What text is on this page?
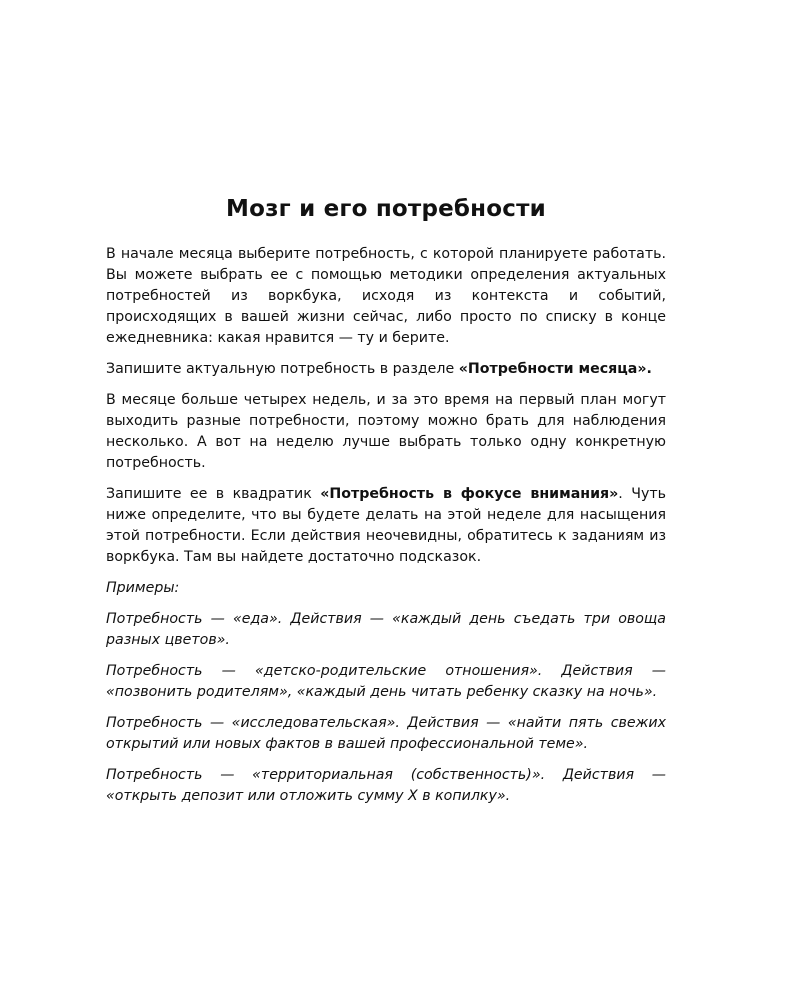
Мозг и его потребности

В начале месяца выберите потребность, с которой планируете работать. Вы можете выбрать ее с помощью методики определения актуальных потребностей из воркбука, исходя из контекста и событий, происходящих в вашей жизни сейчас, либо просто по списку в конце ежедневника: какая нравится — ту и берите.

Запишите актуальную потребность в разделе «Потребности месяца».

В месяце больше четырех недель, и за это время на первый план могут выходить разные потребности, поэтому можно брать для наблюдения несколько. А вот на неделю лучше выбрать только одну конкретную потребность.

Запишите ее в квадратик «Потребность в фокусе внимания». Чуть ниже определите, что вы будете делать на этой неделе для насыщения этой потребности. Если действия неочевидны, обратитесь к заданиям из воркбука. Там вы найдете достаточно подсказок.

Примеры:

Потребность — «еда». Действия — «каждый день съедать три овоща разных цветов».

Потребность — «детско-родительские отношения». Действия — «позвонить родителям», «каждый день читать ребенку сказку на ночь».

Потребность — «исследовательская». Действия — «найти пять свежих открытий или новых фактов в вашей профессиональной теме».

Потребность — «территориальная (собственность)». Действия — «открыть депозит или отложить сумму Х в копилку».
